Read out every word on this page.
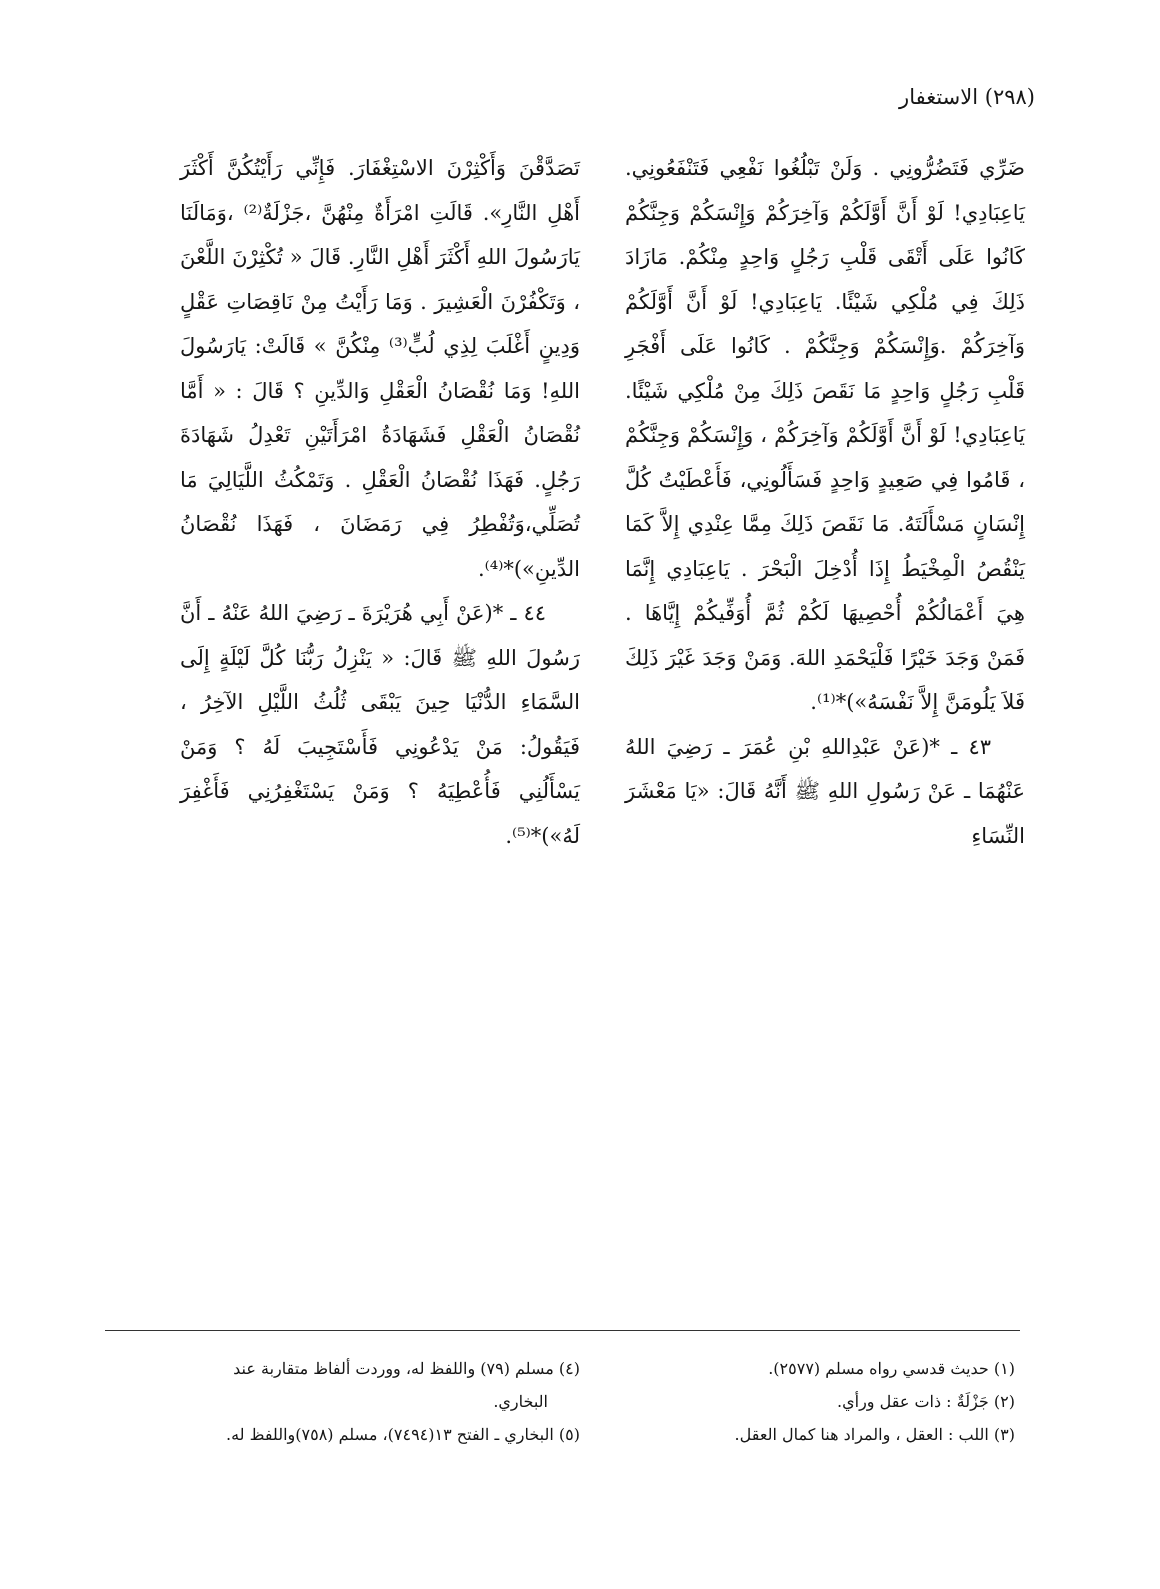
(٢٩٨) الاستغفار

ضَرِّي فَتَضُرُّونِي . وَلَنْ تَبْلُغُوا نَفْعِي فَتَنْفَعُونِي. يَاعِبَادِي! لَوْ أَنَّ أَوَّلَكُمْ وَآخِرَكُمْ وَإِنْسَكُمْ وَجِنَّكُمْ كَانُوا عَلَى أَتْقَى قَلْبِ رَجُلٍ وَاحِدٍ مِنْكُمْ. مَازَادَ ذَلِكَ فِي مُلْكِي شَيْئًا. يَاعِبَادِي! لَوْ أَنَّ أَوَّلَكُمْ وَآخِرَكُمْ .وَإِنْسَكُمْ وَجِنَّكُمْ . كَانُوا عَلَى أَفْجَرِ قَلْبِ رَجُلٍ وَاحِدٍ مَا نَقَصَ ذَلِكَ مِنْ مُلْكِي شَيْئًا. يَاعِبَادِي! لَوْ أَنَّ أَوَّلَكُمْ وَآخِرَكُمْ ، وَإِنْسَكُمْ وَجِنَّكُمْ ، قَامُوا فِي صَعِيدٍ وَاحِدٍ فَسَأَلُونِي، فَأَعْطَيْتُ كُلَّ إِنْسَانٍ مَسْأَلَتَهُ. مَا نَقَصَ ذَلِكَ مِمَّا عِنْدِي إِلاَّ كَمَا يَنْقُصُ الْمِخْيَطُ إِذَا أُدْخِلَ الْبَحْرَ . يَاعِبَادِي إِنَّمَا هِيَ أَعْمَالُكُمْ أُحْصِيهَا لَكُمْ ثُمَّ أُوَفِّيكُمْ إِيَّاهَا . فَمَنْ وَجَدَ خَيْرًا فَلْيَحْمَدِ اللهَ. وَمَنْ وَجَدَ غَيْرَ ذَلِكَ فَلاَ يَلُومَنَّ إِلاَّ نَفْسَهُ»)*⁽¹⁾.

٤٣ ـ *(عَنْ عَبْدِاللهِ بْنِ عُمَرَ ـ رَضِيَ اللهُ عَنْهُمَا ـ عَنْ رَسُولِ اللهِ ﷺ أَنَّهُ قَالَ: «يَا مَعْشَرَ النِّسَاءِ

تَصَدَّقْنَ وَأَكْثِرْنَ الاسْتِغْفَارَ. فَإِنِّي رَأَيْتُكُنَّ أَكْثَرَ أَهْلِ النَّارِ». قَالَتِ امْرَأَةٌ مِنْهُنَّ ،جَزْلَةٌ⁽²⁾ ،وَمَالَنَا يَارَسُولَ اللهِ أَكْثَرَ أَهْلِ النَّارِ. قَالَ « تُكْثِرْنَ اللَّعْنَ ، وَتَكْفُرْنَ الْعَشِيرَ . وَمَا رَأَيْتُ مِنْ نَاقِصَاتِ عَقْلٍ وَدِينٍ أَغْلَبَ لِذِي لُبٍّ⁽³⁾ مِنْكُنَّ » قَالَتْ: يَارَسُولَ اللهِ! وَمَا نُقْصَانُ الْعَقْلِ وَالدِّينِ ؟ قَالَ : « أَمَّا نُقْصَانُ الْعَقْلِ فَشَهَادَةُ امْرَأَتَيْنِ تَعْدِلُ شَهَادَةَ رَجُلٍ. فَهَذَا نُقْصَانُ الْعَقْلِ . وَتَمْكُثُ اللَّيَالِيَ مَا تُصَلِّي،وَتُفْطِرُ فِي رَمَضَانَ ، فَهَذَا نُقْصَانُ الدِّينِ»)*⁽⁴⁾.

٤٤ ـ *(عَنْ أَبِي هُرَيْرَةَ ـ رَضِيَ اللهُ عَنْهُ ـ أَنَّ رَسُولَ اللهِ ﷺ قَالَ: « يَنْزِلُ رَبُّنَا كُلَّ لَيْلَةٍ إِلَى السَّمَاءِ الدُّنْيَا حِينَ يَبْقَى ثُلُثُ اللَّيْلِ الآخِرُ ، فَيَقُولُ: مَنْ يَدْعُونِي فَأَسْتَجِيبَ لَهُ ؟ وَمَنْ يَسْأَلُنِي فَأُعْطِيَهُ ؟ وَمَنْ يَسْتَغْفِرُنِي فَأَغْفِرَ لَهُ»)*⁽⁵⁾.

(١) حديث قدسي رواه مسلم (٢٥٧٧).

(٢) جَزْلَةٌ : ذات عقل ورأي.

(٣) اللب : العقل ، والمراد هنا كمال العقل.

(٤) مسلم (٧٩) واللفظ له، ووردت ألفاظ متقاربة عند

البخاري.

(٥) البخاري ـ الفتح ١٣(٧٤٩٤)، مسلم (٧٥٨)واللفظ له.
